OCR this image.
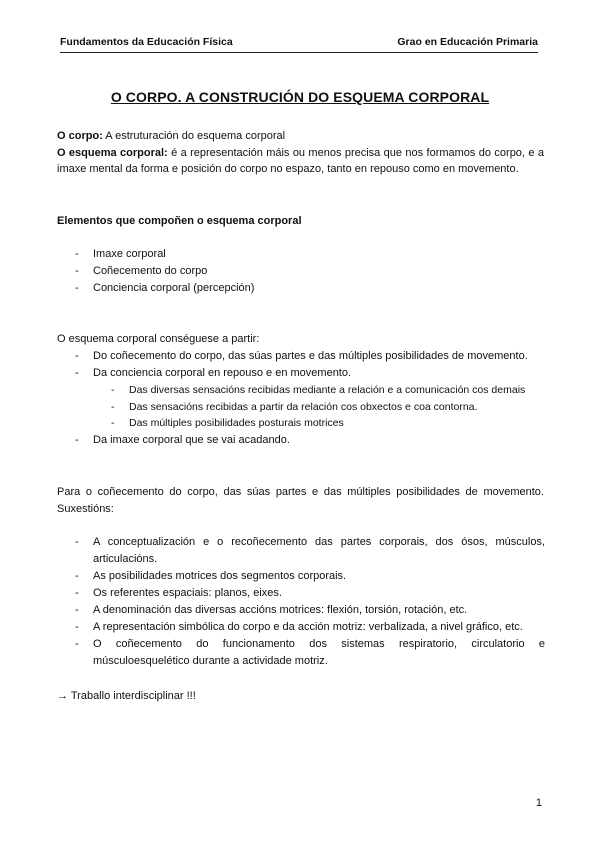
Fundamentos da Educación Física	Grao en Educación Primaria
O CORPO. A CONSTRUCIÓN DO ESQUEMA CORPORAL
O corpo: A estruturación do esquema corporal
O esquema corporal: é a representación máis ou menos precisa que nos formamos do corpo, e a imaxe mental da forma e posición do corpo no espazo, tanto en repouso como en movemento.
Elementos que compoñen o esquema corporal
- Imaxe corporal
- Coñecemento do corpo
- Conciencia corporal (percepción)
O esquema corporal conséguese a partir:
- Do coñecemento do corpo, das súas partes e das múltiples posibilidades de movemento.
- Da conciencia corporal en repouso e en movemento.
- Das diversas sensacións recibidas mediante a relación e a comunicación cos demais
- Das sensacións recibidas a partir da relación cos obxectos e coa contorna.
- Das múltiples posibilidades posturais motrices
- Da imaxe corporal que se vai acadando.
Para o coñecemento do corpo, das súas partes e das múltiples posibilidades de movemento. Suxestións:
- A conceptualización e o recoñecemento das partes corporais, dos ósos, músculos, articulacións.
- As posibilidades motrices dos segmentos corporais.
- Os referentes espaciais: planos, eixes.
- A denominación das diversas accións motrices: flexión, torsión, rotación, etc.
- A representación simbólica do corpo e da acción motriz: verbalizada, a nivel gráfico, etc.
- O coñecemento do funcionamento dos sistemas respiratorio, circulatorio e músculoesquelético durante a actividade motriz.
→ Traballo interdisciplinar !!!
1
